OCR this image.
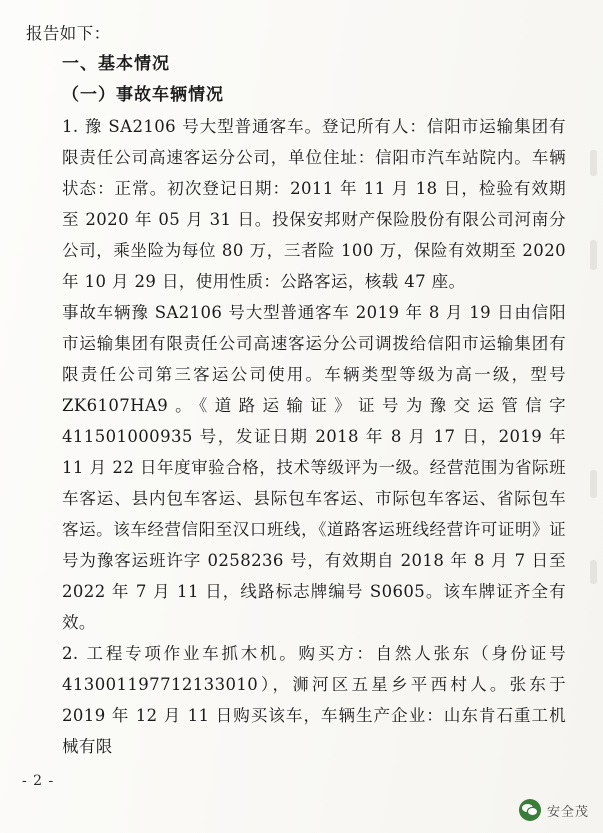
报告如下：
一、基本情况
（一）事故车辆情况
1. 豫 SA2106 号大型普通客车。登记所有人：信阳市运输集团有限责任公司高速客运分公司，单位住址：信阳市汽车站院内。车辆状态：正常。初次登记日期：2011 年 11 月 18 日，检验有效期至 2020 年 05 月 31 日。投保安邦财产保险股份有限公司河南分公司，乘坐险为每位 80 万，三者险 100 万，保险有效期至 2020 年 10 月 29 日，使用性质：公路客运，核载 47 座。
事故车辆豫 SA2106 号大型普通客车 2019 年 8 月 19 日由信阳市运输集团有限责任公司高速客运分公司调拨给信阳市运输集团有限责任公司第三客运公司使用。车辆类型等级为高一级，型号 ZK6107HA9。《道路运输证》证号为豫交运管信字 411501000935 号，发证日期 2018 年 8 月 17 日，2019 年 11 月 22 日年度审验合格，技术等级评为一级。经营范围为省际班车客运、县内包车客运、县际包车客运、市际包车客运、省际包车客运。该车经营信阳至汉口班线，《道路客运班线经营许可证明》证号为豫客运班许字 0258236 号，有效期自 2018 年 8 月 7 日至 2022 年 7 月 11 日，线路标志牌编号 S0605。该车牌证齐全有效。
2. 工程专项作业车抓木机。购买方：自然人张东（身份证号 413001197712133010），浉河区五星乡平西村人。张东于 2019 年 12 月 11 日购买该车，车辆生产企业：山东肯石重工机械有限
- 2 -
安全茂
